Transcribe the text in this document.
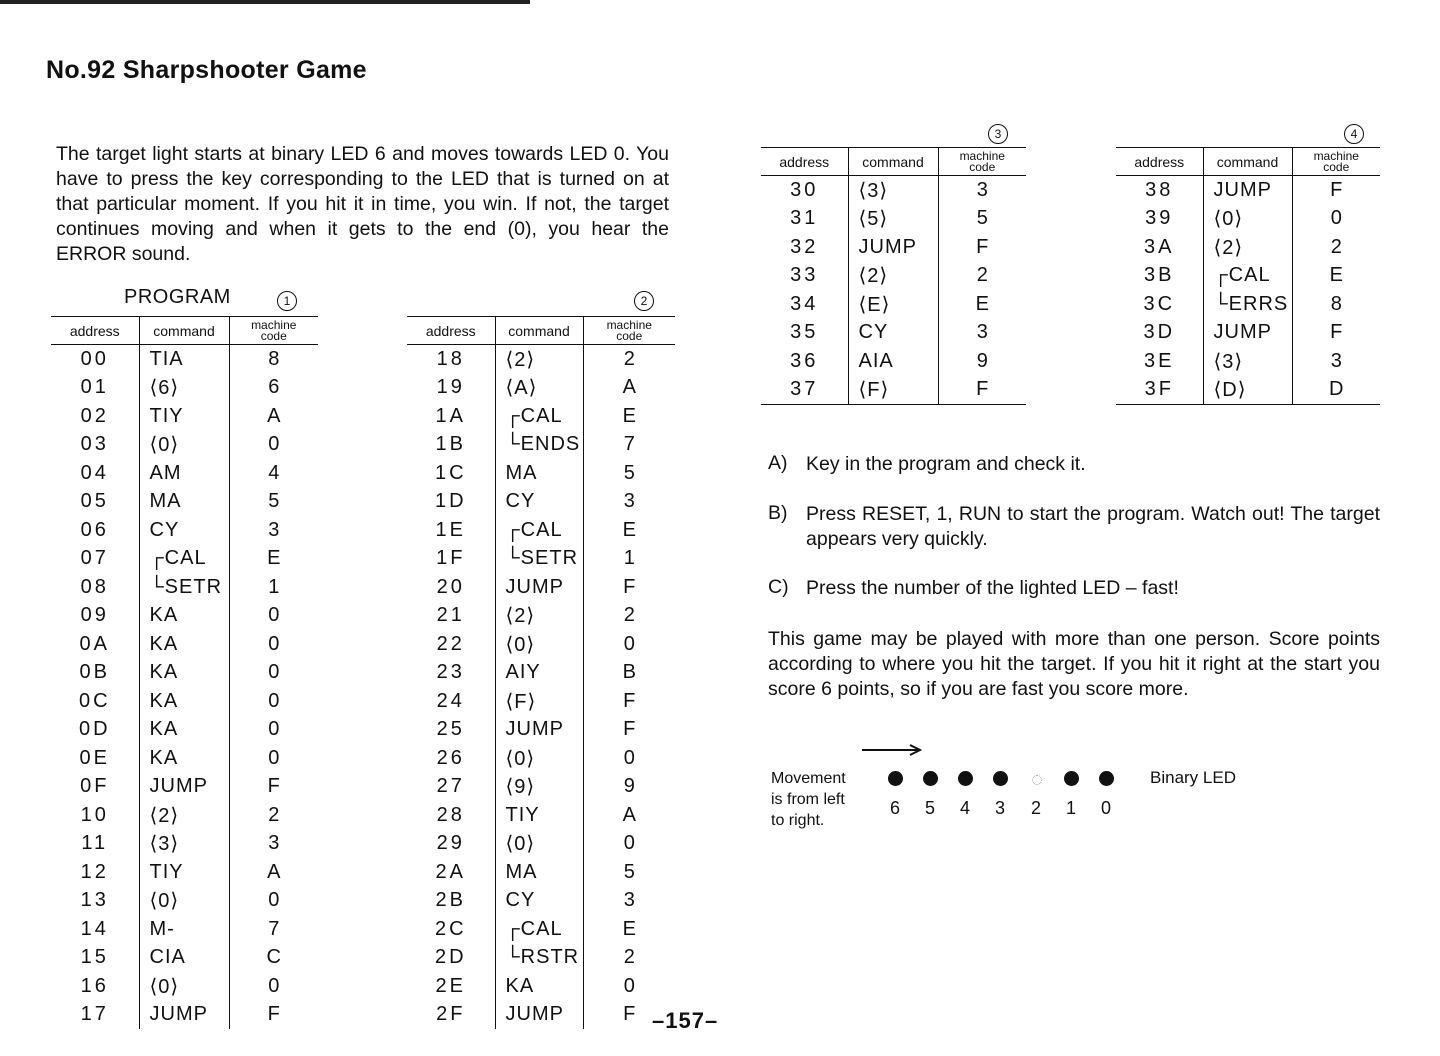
No.92 Sharpshooter Game

The target light starts at binary LED 6 and moves towards LED 0. You have to press the key corresponding to the LED that is turned on at that particular moment. If you hit it in time, you win. If not, the target continues moving and when it gets to the end (0), you hear the ERROR sound.

PROGRAM	1	2
3	4
address	command	machine
code
00	TIA	8
01	⟨6⟩	6
02	TIY	A
03	⟨0⟩	0
04	AM	4
05	MA	5
06	CY	3
07	┌CAL	E
08	└SETR	1
09	KA	0
0A	KA	0
0B	KA	0
0C	KA	0
0D	KA	0
0E	KA	0
0F	JUMP	F
10	⟨2⟩	2
11	⟨3⟩	3
12	TIY	A
13	⟨0⟩	0
14	M-	7
15	CIA	C
16	⟨0⟩	0
17	JUMP	F
address	command	machine
code
18	⟨2⟩	2
19	⟨A⟩	A
1A	┌CAL	E
1B	└ENDS	7
1C	MA	5
1D	CY	3
1E	┌CAL	E
1F	└SETR	1
20	JUMP	F
21	⟨2⟩	2
22	⟨0⟩	0
23	AIY	B
24	⟨F⟩	F
25	JUMP	F
26	⟨0⟩	0
27	⟨9⟩	9
28	TIY	A
29	⟨0⟩	0
2A	MA	5
2B	CY	3
2C	┌CAL	E
2D	└RSTR	2
2E	KA	0
2F	JUMP	F
address	command	machine
code
30	⟨3⟩	3
31	⟨5⟩	5
32	JUMP	F
33	⟨2⟩	2
34	⟨E⟩	E
35	CY	3
36	AIA	9
37	⟨F⟩	F
address	command	machine
code
38	JUMP	F
39	⟨0⟩	0
3A	⟨2⟩	2
3B	┌CAL	E
3C	└ERRS	8
3D	JUMP	F
3E	⟨3⟩	3
3F	⟨D⟩	D
A) Key in the program and check it.
B) Press RESET, 1, RUN to start the program. Watch out! The target appears very quickly.
C) Press the number of the lighted LED – fast!

This game may be played with more than one person. Score points according to where you hit the target. If you hit it right at the start you score 6 points, so if you are fast you score more.

Movement
is from left
to right.
6 5 4 3 2 1 0
Binary LED
–157–
